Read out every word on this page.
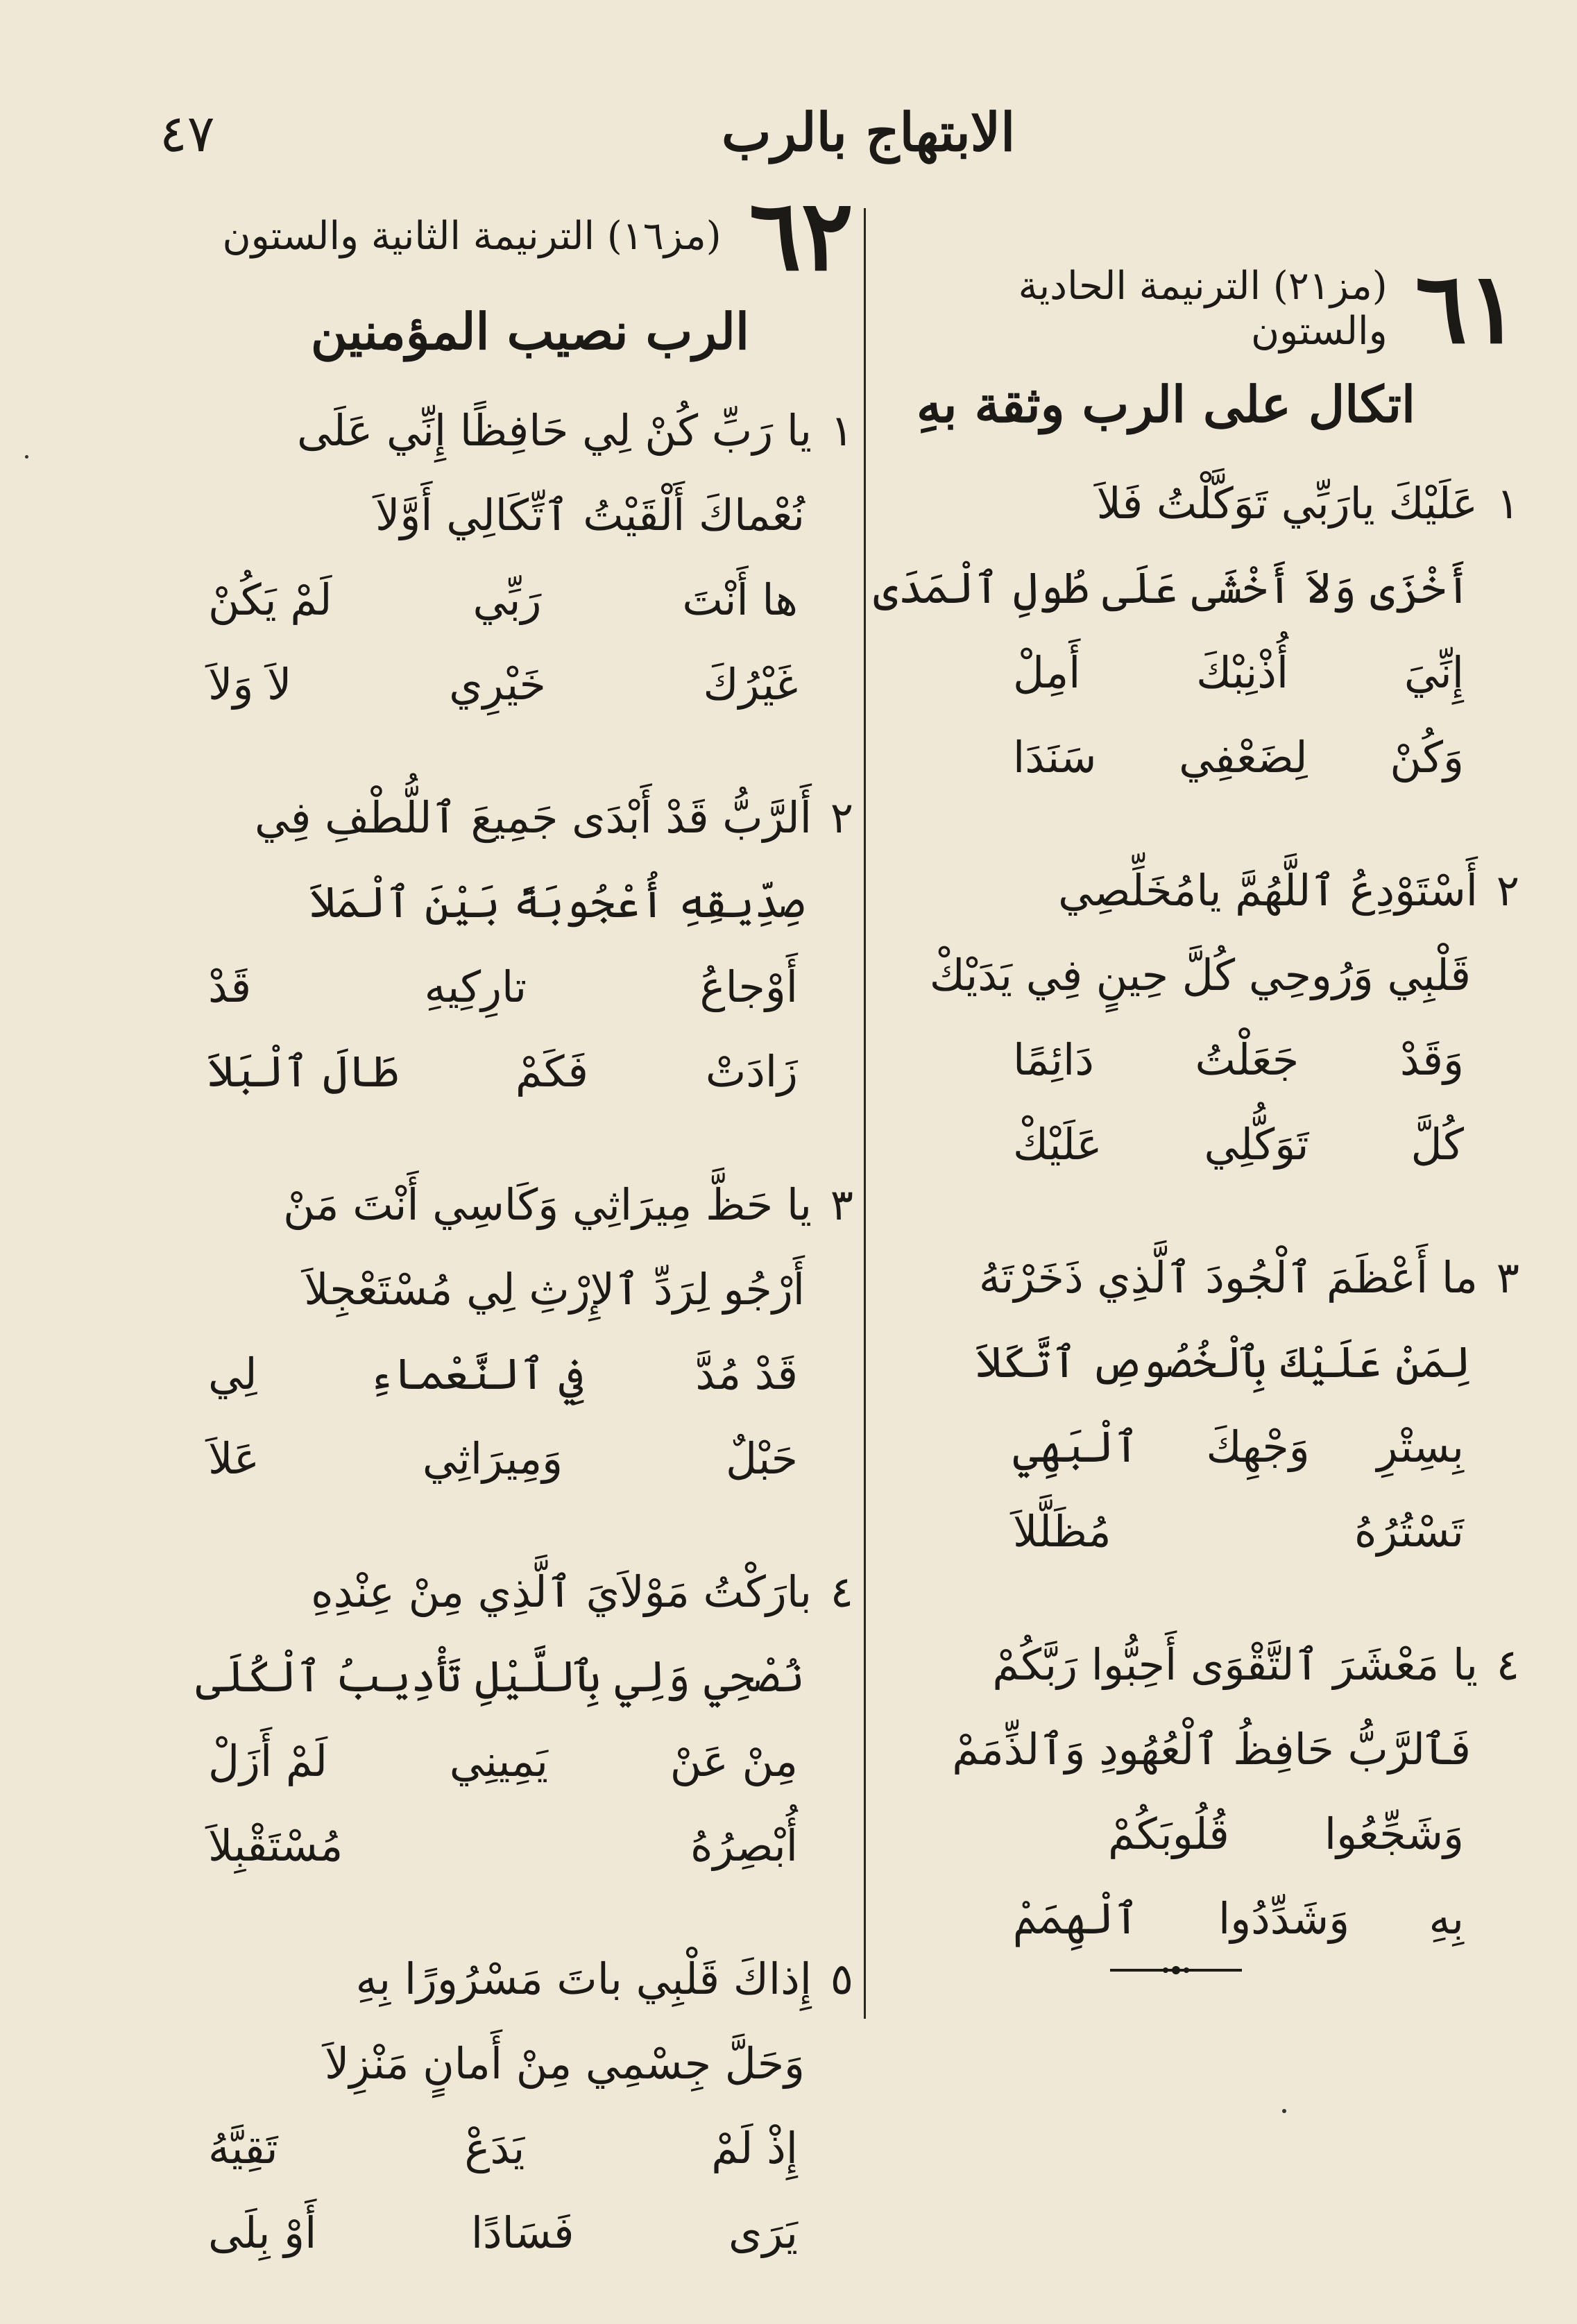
٤٧	الابتهاج بالرب
٦١
(مز٢١) الترنيمة الحادية والستون
اتكال على الرب وثقة بهِ
١عَلَيْكَ يارَبِّي تَوَكَّلْتُ فَلاَ
أَخْزَى وَلاَ أَخْشَى عَلَى طُولِ ٱلْمَدَى
إِنِّيَ
أُذْنِبْكَ
أَمِلْ
وَكُنْ
لِضَعْفِي
سَنَدَا
٢أَسْتَوْدِعُ ٱللَّهُمَّ يامُخَلِّصِي
قَلْبِي وَرُوحِي كُلَّ حِينٍ فِي يَدَيْكْ
وَقَدْ
جَعَلْتُ
دَائِمًا
كُلَّ
تَوَكُّلِي
عَلَيْكْ
٣ما أَعْظَمَ ٱلْجُودَ ٱلَّذِي ذَخَرْتَهُ
لِمَنْ عَلَيْكَ بِٱلْخُصُوصِ ٱتَّكَلاَ
بِسِتْرِ
وَجْهِكَ
ٱلْبَهِي
تَسْتُرُهُ
مُظَلَّلاَ
٤يا مَعْشَرَ ٱلتَّقْوَى أَحِبُّوا رَبَّكُمْ
فَٱلرَّبُّ حَافِظُ ٱلْعُهُودِ وَٱلذِّمَمْ
وَشَجِّعُوا
قُلُوبَكُمْ
بِهِ
وَشَدِّدُوا
ٱلْهِمَمْ
٦٢
(مز١٦) الترنيمة الثانية والستون
الرب نصيب المؤمنين
١يا رَبِّ كُنْ لِي حَافِظًا إِنِّي عَلَى
نُعْماكَ أَلْقَيْتُ ٱتِّكَالِي أَوَّلاَ
ها أَنْتَ
رَبِّي
لَمْ يَكُنْ
غَيْرُكَ
خَيْرِي
لاَ وَلاَ
٢أَلرَّبُّ قَدْ أَبْدَى جَمِيعَ ٱللُّطْفِ فِي
صِدِّيقِهِ أُعْجُوبَةً بَيْنَ ٱلْمَلاَ
أَوْجاعُ
تارِكِيهِ
قَدْ
زَادَتْ
فَكَمْ
طَالَ ٱلْبَلاَ
٣يا حَظَّ مِيرَاثِي وَكَاسِي أَنْتَ مَنْ
أَرْجُو لِرَدِّ ٱلإِرْثِ لِي مُسْتَعْجِلاَ
قَدْ مُدَّ
فِي ٱلنَّعْماءِ
لِي
حَبْلٌ
وَمِيرَاثِي
عَلاَ
٤بارَكْتُ مَوْلاَيَ ٱلَّذِي مِنْ عِنْدِهِ
نُصْحِي وَلِي بِٱللَّيْلِ تَأْدِيبُ ٱلْكُلَى
مِنْ عَنْ
يَمِينِي
لَمْ أَزَلْ
أُبْصِرُهُ
مُسْتَقْبِلاَ
٥إِذاكَ قَلْبِي باتَ مَسْرُورًا بِهِ
وَحَلَّ جِسْمِي مِنْ أَمانٍ مَنْزِلاَ
إِذْ لَمْ
يَدَعْ
تَقِيَّهُ
يَرَى
فَسَادًا
أَوْ بِلَى
